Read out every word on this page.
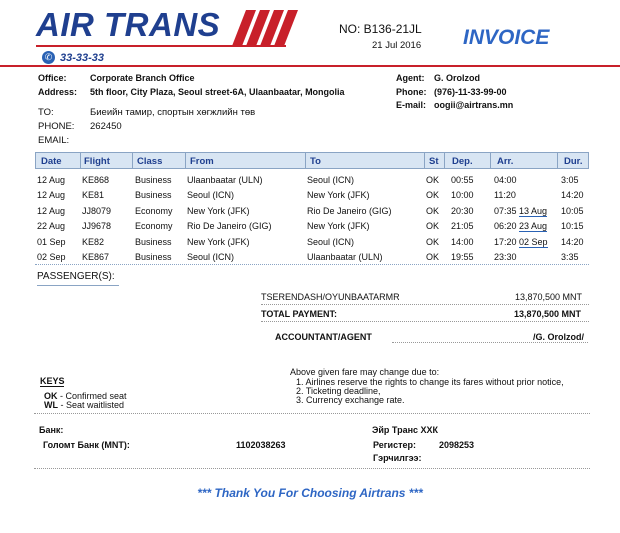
AIR TRANS
✆ 33-33-33
NO: B136-21JL
21 Jul 2016 INVOICE
Office:	Corporate Branch Office
Address: 5th floor, City Plaza, Seoul street-6A, Ulaanbaatar, Mongolia
Agent: G. Orolzod
Phone: (976)-11-33-99-00
E-mail: oogii@airtrans.mn
TO:	Биеийн тамир, спортын хөгжлийн төв
PHONE: 262450
EMAIL:
Date Flight	Class	From	To	St Dep.	Arr.	Dur.
12 Aug KE868	Business Ulaanbaatar (ULN)	Seoul (ICN)	OK 00:55 04:00	3:05
12 Aug KE81	Business Seoul (ICN)	New York (JFK)	OK 10:00 11:20	14:20
12 Aug JJ8079	Economy New York (JFK)	Rio De Janeiro (GIG)	OK 20:30 07:35 13 Aug 10:05
22 Aug JJ9678	Economy Rio De Janeiro (GIG)	New York (JFK)	OK 21:05 06:20 23 Aug 10:15
01 Sep KE82	Business New York (JFK)	Seoul (ICN)	OK 14:00 17:20 02 Sep 14:20
02 Sep KE867	Business Seoul (ICN)	Ulaanbaatar (ULN)	OK 19:55 23:30	3:35
PASSENGER(S):
TSERENDASH/OYUNBAATARMR	13,870,500 MNT
TOTAL PAYMENT:	13,870,500 MNT
ACCOUNTANT/AGENT	/G. Orolzod/
Above given fare may change due to:
1. Airlines reserve the rights to change its fares without prior notice,
2. Ticketing deadline,
3. Currency exchange rate.
KEYS
OK - Confirmed seat
WL - Seat waitlisted
Банк:	Эйр Транс ХХК
Голомт Банк (MNT):	1102038263	Регистер:	2098253
Гэрчилгээ:
*** Thank You For Choosing Airtrans ***
